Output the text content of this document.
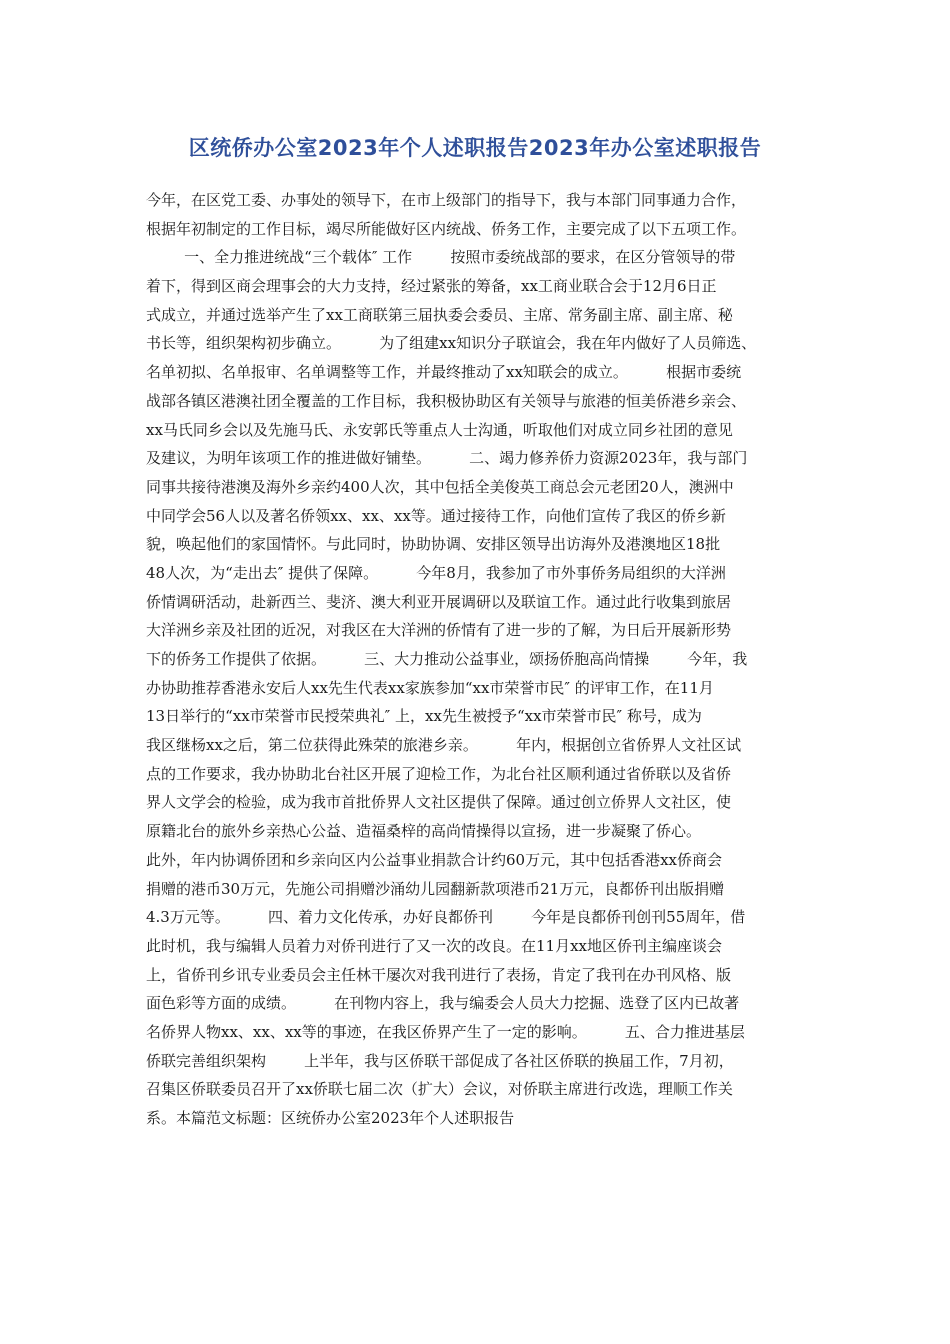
区统侨办公室2023年个人述职报告2023年办公室述职报告
今年，在区党工委、办事处的领导下，在市上级部门的指导下，我与本部门同事通力合作，
根据年初制定的工作目标，竭尽所能做好区内统战、侨务工作，主要完成了以下五项工作。
一、全力推进统战“三个载体″ 工作        按照市委统战部的要求，在区分管领导的带
着下，得到区商会理事会的大力支持，经过紧张的筹备，xx工商业联合会于12月6日正
式成立，并通过选举产生了xx工商联第三届执委会委员、主席、常务副主席、副主席、秘
书长等，组织架构初步确立。        为了组建xx知识分子联谊会，我在年内做好了人员筛选、
名单初拟、名单报审、名单调整等工作，并最终推动了xx知联会的成立。        根据市委统
战部各镇区港澳社团全覆盖的工作目标，我积极协助区有关领导与旅港的恒美侨港乡亲会、
xx马氏同乡会以及先施马氏、永安郭氏等重点人士沟通，听取他们对成立同乡社团的意见
及建议，为明年该项工作的推进做好铺垫。        二、竭力修养侨力资源2023年，我与部门
同事共接待港澳及海外乡亲约400人次，其中包括全美俊英工商总会元老团20人，澳洲中
中同学会56人以及著名侨领xx、xx、xx等。通过接待工作，向他们宣传了我区的侨乡新
貌，唤起他们的家国情怀。与此同时，协助协调、安排区领导出访海外及港澳地区18批
48人次，为“走出去″ 提供了保障。        今年8月，我参加了市外事侨务局组织的大洋洲
侨情调研活动，赴新西兰、斐济、澳大利亚开展调研以及联谊工作。通过此行收集到旅居
大洋洲乡亲及社团的近况，对我区在大洋洲的侨情有了进一步的了解，为日后开展新形势
下的侨务工作提供了依据。        三、大力推动公益事业，颂扬侨胞高尚情操        今年，我
办协助推荐香港永安后人xx先生代表xx家族参加“xx市荣誉市民″ 的评审工作，在11月
13日举行的“xx市荣誉市民授荣典礼″ 上，xx先生被授予“xx市荣誉市民″ 称号，成为
我区继杨xx之后，第二位获得此殊荣的旅港乡亲。        年内，根据创立省侨界人文社区试
点的工作要求，我办协助北台社区开展了迎检工作，为北台社区顺利通过省侨联以及省侨
界人文学会的检验，成为我市首批侨界人文社区提供了保障。通过创立侨界人文社区，使
原籍北台的旅外乡亲热心公益、造福桑梓的高尚情操得以宣扬，进一步凝聚了侨心。
此外，年内协调侨团和乡亲向区内公益事业捐款合计约60万元，其中包括香港xx侨商会
捐赠的港币30万元，先施公司捐赠沙涌幼儿园翻新款项港币21万元，良都侨刊出版捐赠
4.3万元等。        四、着力文化传承，办好良都侨刊        今年是良都侨刊创刊55周年，借
此时机，我与编辑人员着力对侨刊进行了又一次的改良。在11月xx地区侨刊主编座谈会
上，省侨刊乡讯专业委员会主任林干屡次对我刊进行了表扬，肯定了我刊在办刊风格、版
面色彩等方面的成绩。        在刊物内容上，我与编委会人员大力挖掘、选登了区内已故著
名侨界人物xx、xx、xx等的事迹，在我区侨界产生了一定的影响。        五、合力推进基层
侨联完善组织架构        上半年，我与区侨联干部促成了各社区侨联的换届工作，7月初，
召集区侨联委员召开了xx侨联七届二次（扩大）会议，对侨联主席进行改选，理顺工作关
系。本篇范文标题：区统侨办公室2023年个人述职报告
